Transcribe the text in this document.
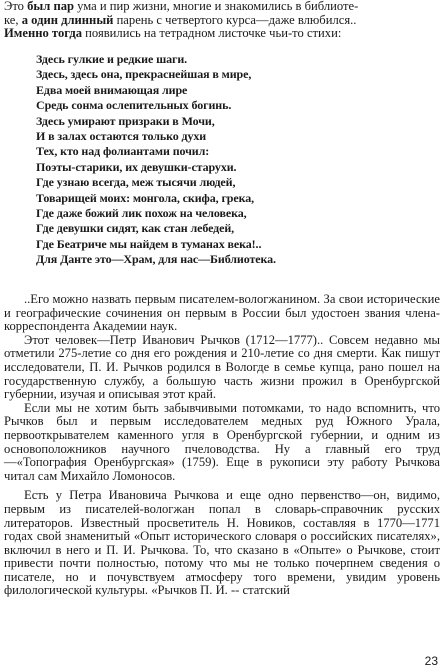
Это был пар ума и пир жизни, многие и знакомились в библиоте-

ке, а один длинный парень с четвертого курса—даже влюбился..

Именно тогда появились на тетрадном листочке чьи-то стихи:

Здесь гулкие и редкие шаги.
Здесь, здесь она, прекраснейшая в мире,
Едва моей внимающая лире
Средь сонма ослепительных богинь.
Здесь умирают призраки в Мочи,
И в залах остаются только духи
Тех, кто над фолиантами почил:
Поэты-старики, их девушки-старухи.
Где узнаю всегда, меж тысячи людей,
Товарищей моих: монгола, скифа, грека,
Где даже божий лик похож на человека,
Где девушки сидят, как стан лебедей,
Где Беатриче мы найдем в туманах века!..
Для Данте это—Храм, для нас—Библиотека.

..Его можно назвать первым писателем-вологжанином. За свои исторические и географические сочинения он первым в России был удостоен звания члена-корреспондента Академии наук.

Этот человек—Петр Иванович Рычков (1712—1777).. Совсем недавно мы отметили 275-летие со дня его рождения и 210-летие со дня смерти. Как пишут исследователи, П. И. Рычков родился в Вологде в семье купца, рано пошел на государственную службу, а большую часть жизни прожил в Оренбургской губернии, изучая и описывая этот край.

Если мы не хотим быть забывчивыми потомками, то надо вспомнить, что Рычков был и первым исследователем медных руд Южного Урала, первооткрывателем каменного угля в Оренбургской губернии, и одним из основоположников научного пчеловодства. Ну а главный его труд—«Топография Оренбургская» (1759). Еще в рукописи эту работу Рычкова читал сам Михайло Ломоносов.

Есть у Петра Ивановича Рычкова и еще одно первенство—он, видимо, первым из писателей-вологжан попал в словарь-справочник русских литераторов. Известный просветитель Н. Новиков, составляя в 1770—1771 годах свой знаменитый «Опыт исторического словаря о российских писателях», включил в него и П. И. Рычкова. То, что сказано в «Опыте» о Рычкове, стоит привести почти полностью, потому что мы не только почерпнем сведения о писателе, но и почувствуем атмосферу того времени, увидим уровень филологической культуры. «Рычков П. И. -- статский

23
